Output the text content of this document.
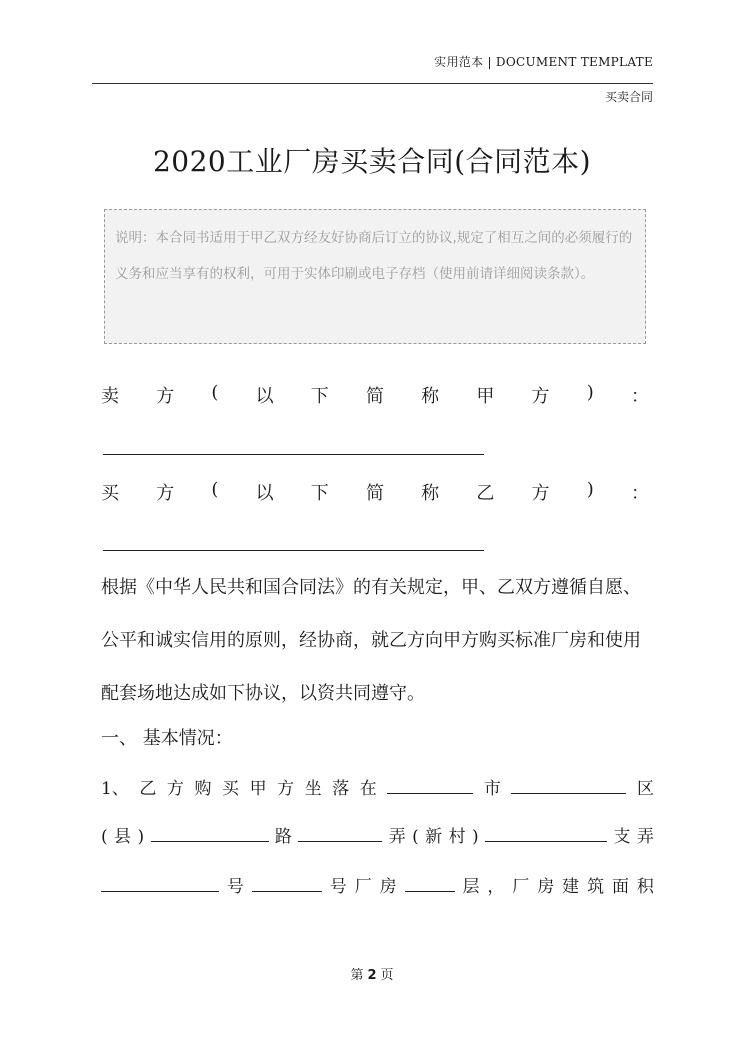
实用范本 | DOCUMENT TEMPLATE
买卖合同
2020工业厂房买卖合同(合同范本)
说明：本合同书适用于甲乙双方经友好协商后订立的协议,规定了相互之间的必须履行的义务和应当享有的权利，可用于实体印刷或电子存档（使用前请详细阅读条款）。
卖 方 ( 以 下 简 称 甲 方 ) ：
买 方 ( 以 下 简 称 乙 方 ) ：
根据《中华人民共和国合同法》的有关规定，甲、乙双方遵循自愿、公平和诚实信用的原则，经协商，就乙方向甲方购买标准厂房和使用配套场地达成如下协议，以资共同遵守。
一、 基本情况：
1、 乙 方 购 买 甲 方 坐 落 在	市	区
( 县 )	路	弄 ( 新 村 )	支 弄
号	号 厂 房	层 ， 厂 房 建 筑 面 积
第 2 页
